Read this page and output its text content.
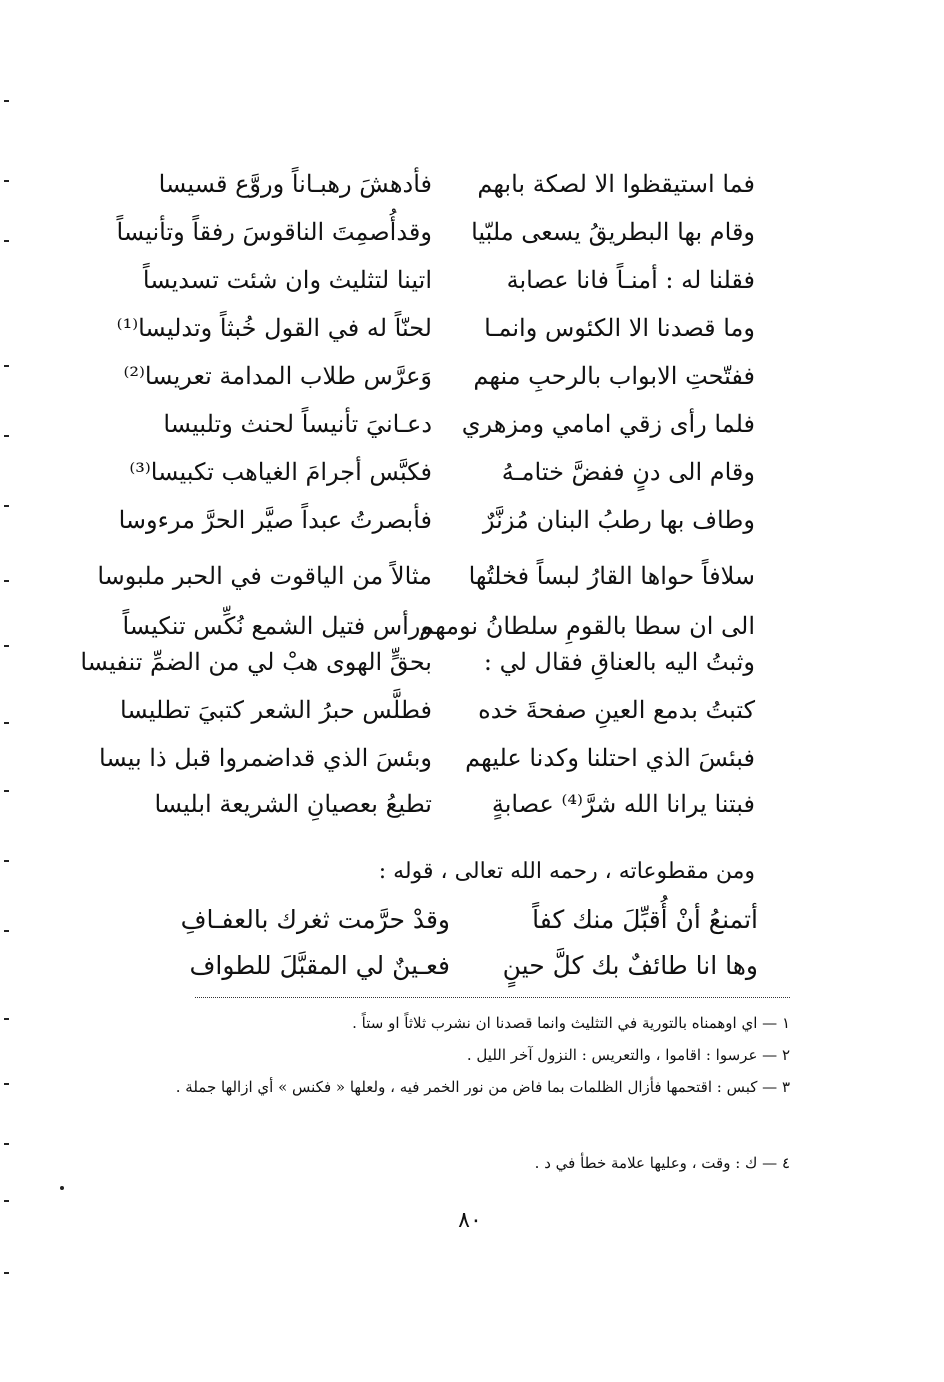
فما استيقظوا الا لصكة بابهم
فأدهشَ رهبـاناً وروَّع قسيسا
وقام بها البطريقُ يسعى ملبّيا
وقدأُصمِتَ الناقوسَ رفقاً وتأنيساً
فقلنا له : أمنـاً فانا عصابة
اتينا لتثليث وان شئت تسديساً
وما قصدنا الا الكئوس وانمـا
لحنّاً له في القول خُبثاً وتدليسا⁽¹⁾
ففتّحتِ الابواب بالرحبِ منهم
وَعرَّس طلاب المدامة تعريسا⁽²⁾
فلما رأى زقي امامي ومزهري
دعـانيَ تأنيساً لحنث وتلبيسا
وقام الى دنٍ ففضَّ ختامـهُ
فكبَّس أجرامَ الغياهب تكبيسا⁽³⁾
وطاف بها رطبُ البنان مُزنَّرٌ
فأبصرتُ عبداً صيَّر الحرَّ مرءوسا
سلافاً حواها القارُ لبساً فخلتُها
مثالاً من الياقوت في الحبر ملبوسا
الى ان سطا بالقومِ سلطانُ نومهم
ورأس فتيل الشمع نُكِّس تنكيساً
وثبتُ اليه بالعناقِ فقال لي :
بحقٍّ الهوى هبْ لي من الضمِّ تنفيسا
كتبتُ بدمع العينِ صفحةَ خده
فطلَّس حبرُ الشعر كتبيَ تطليسا
فبئسَ الذي احتلنا وكدنا عليهم
وبئسَ الذي قداضمروا قبل ذا بيسا
فبتنا يرانا الله شرَّ⁽⁴⁾ عصابةٍ
تطيعُ بعصيانِ الشريعة ابليسا
ومن مقطوعاته ، رحمه الله تعالى ، قوله :
أتمنعُ أنْ أُقبِّلَ منك كفاً
وقدْ حرَّمت ثغرك بالعفـافِ
وها انا طائفٌ بك كلَّ حينٍ
فعـينٌ لي المقبَّلَ للطواف
١ — اي اوهمناه بالتورية في التثليث وانما قصدنا ان نشرب ثلاثاً او ستاً .
٢ — عرسوا : اقاموا ، والتعريس : النزول آخر الليل .
٣ — كبس : اقتحمها فأزال الظلمات بما فاض من نور الخمر فيه ، ولعلها « فكنس » أي ازالها جملة .
٤ — ك : وقت ، وعليها علامة خطأ في د .
٨٠
